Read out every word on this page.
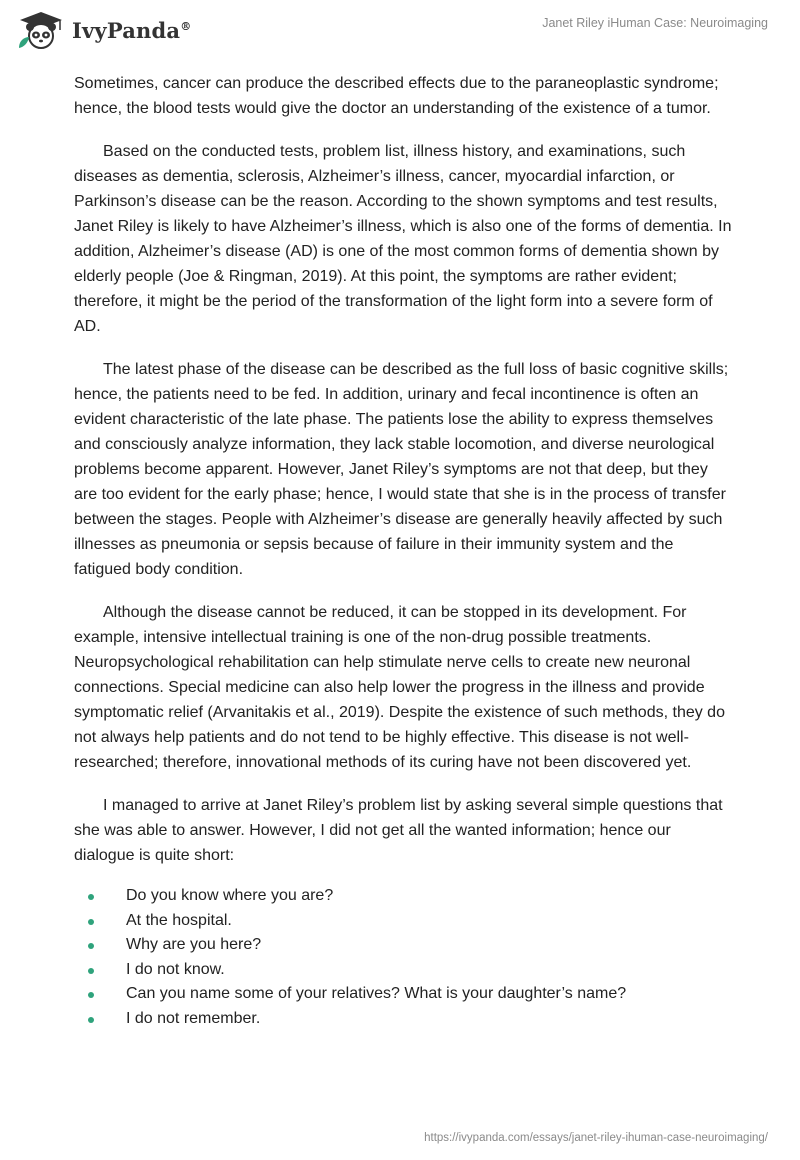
IvyPanda®	Janet Riley iHuman Case: Neuroimaging

Sometimes, cancer can produce the described effects due to the paraneoplastic syndrome; hence, the blood tests would give the doctor an understanding of the existence of a tumor.

Based on the conducted tests, problem list, illness history, and examinations, such diseases as dementia, sclerosis, Alzheimer’s illness, cancer, myocardial infarction, or Parkinson’s disease can be the reason. According to the shown symptoms and test results, Janet Riley is likely to have Alzheimer’s illness, which is also one of the forms of dementia. In addition, Alzheimer’s disease (AD) is one of the most common forms of dementia shown by elderly people (Joe & Ringman, 2019). At this point, the symptoms are rather evident; therefore, it might be the period of the transformation of the light form into a severe form of AD.

The latest phase of the disease can be described as the full loss of basic cognitive skills; hence, the patients need to be fed. In addition, urinary and fecal incontinence is often an evident characteristic of the late phase. The patients lose the ability to express themselves and consciously analyze information, they lack stable locomotion, and diverse neurological problems become apparent. However, Janet Riley’s symptoms are not that deep, but they are too evident for the early phase; hence, I would state that she is in the process of transfer between the stages. People with Alzheimer’s disease are generally heavily affected by such illnesses as pneumonia or sepsis because of failure in their immunity system and the fatigued body condition.

Although the disease cannot be reduced, it can be stopped in its development. For example, intensive intellectual training is one of the non-drug possible treatments. Neuropsychological rehabilitation can help stimulate nerve cells to create new neuronal connections. Special medicine can also help lower the progress in the illness and provide symptomatic relief (Arvanitakis et al., 2019). Despite the existence of such methods, they do not always help patients and do not tend to be highly effective. This disease is not well-researched; therefore, innovational methods of its curing have not been discovered yet.

I managed to arrive at Janet Riley’s problem list by asking several simple questions that she was able to answer. However, I did not get all the wanted information; hence our dialogue is quite short:

Do you know where you are?
At the hospital.
Why are you here?
I do not know.
Can you name some of your relatives? What is your daughter’s name?
I do not remember.
https://ivypanda.com/essays/janet-riley-ihuman-case-neuroimaging/
